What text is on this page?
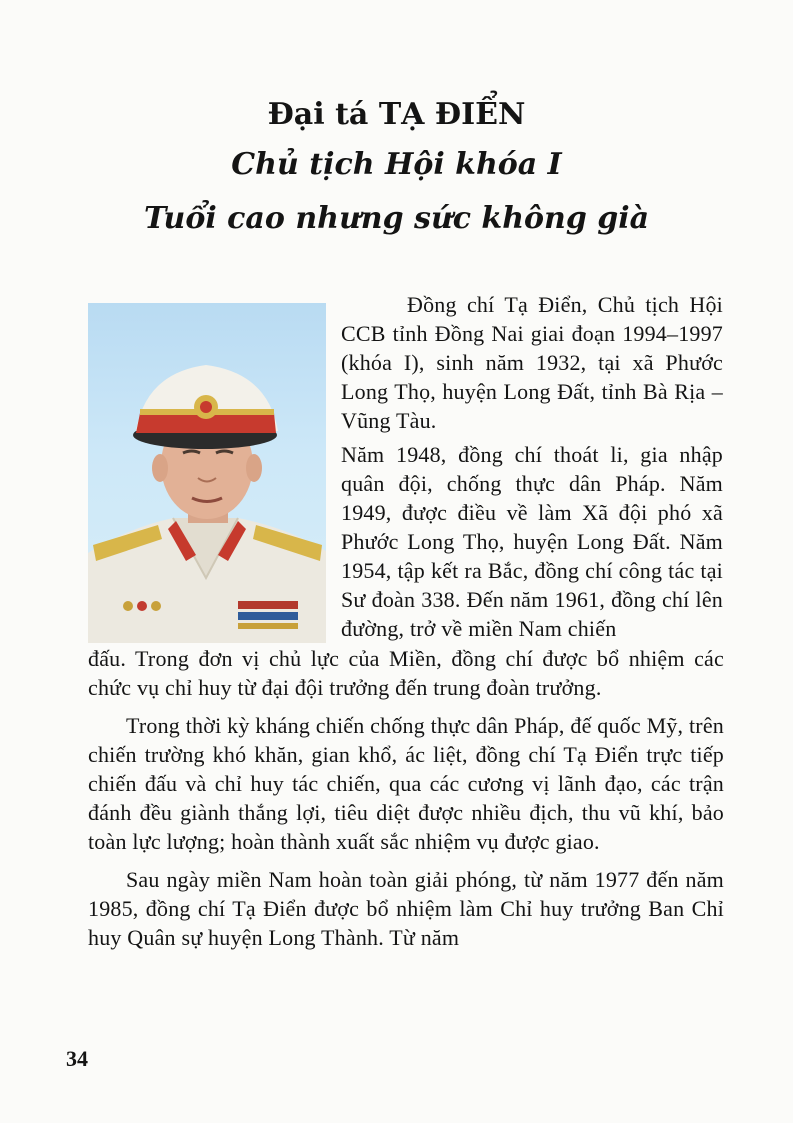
Đại tá TẠ ĐIỂN
Chủ tịch Hội khóa I
Tuổi cao nhưng sức không già

Đồng chí Tạ Điển, Chủ tịch Hội CCB tỉnh Đồng Nai giai đoạn 1994–1997 (khóa I), sinh năm 1932, tại xã Phước Long Thọ, huyện Long Đất, tỉnh Bà Rịa – Vũng Tàu.

Năm 1948, đồng chí thoát li, gia nhập quân đội, chống thực dân Pháp. Năm 1949, được điều về làm Xã đội phó xã Phước Long Thọ, huyện Long Đất. Năm 1954, tập kết ra Bắc, đồng chí công tác tại Sư đoàn 338. Đến năm 1961, đồng chí lên đường, trở về miền Nam chiến

đấu. Trong đơn vị chủ lực của Miền, đồng chí được bổ nhiệm các chức vụ chỉ huy từ đại đội trưởng đến trung đoàn trưởng.

Trong thời kỳ kháng chiến chống thực dân Pháp, đế quốc Mỹ, trên chiến trường khó khăn, gian khổ, ác liệt, đồng chí Tạ Điển trực tiếp chiến đấu và chỉ huy tác chiến, qua các cương vị lãnh đạo, các trận đánh đều giành thắng lợi, tiêu diệt được nhiều địch, thu vũ khí, bảo toàn lực lượng; hoàn thành xuất sắc nhiệm vụ được giao.

Sau ngày miền Nam hoàn toàn giải phóng, từ năm 1977 đến năm 1985, đồng chí Tạ Điển được bổ nhiệm làm Chỉ huy trưởng Ban Chỉ huy Quân sự huyện Long Thành. Từ năm

34
